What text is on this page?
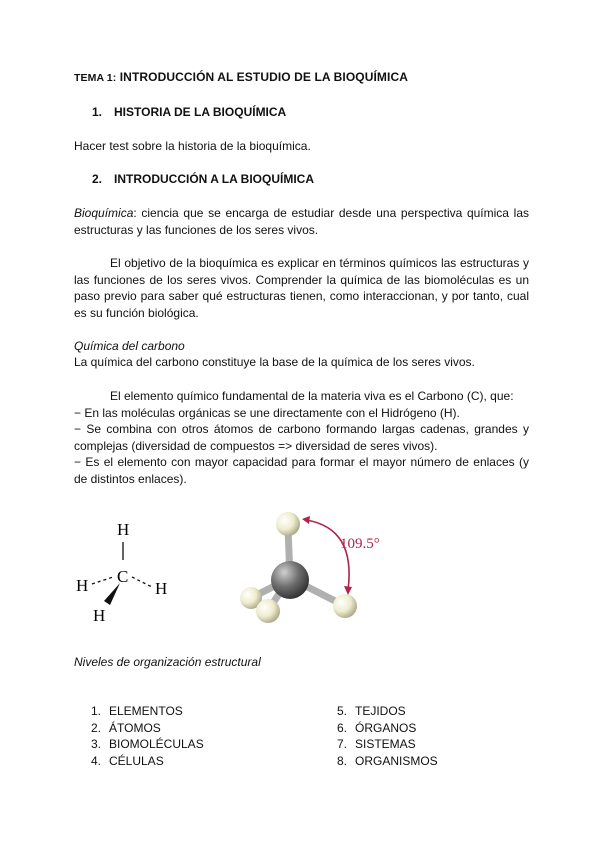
TEMA 1: INTRODUCCIÓN AL ESTUDIO DE LA BIOQUÍMICA
1. HISTORIA DE LA BIOQUÍMICA
Hacer test sobre la historia de la bioquímica.
2. INTRODUCCIÓN A LA BIOQUÍMICA

Bioquímica: ciencia que se encarga de estudiar desde una perspectiva química las estructuras y las funciones de los seres vivos.

El objetivo de la bioquímica es explicar en términos químicos las estructuras y las funciones de los seres vivos. Comprender la química de las biomoléculas es un paso previo para saber qué estructuras tienen, como interaccionan, y por tanto, cual es su función biológica.

Química del carbono

La química del carbono constituye la base de la química de los seres vivos.

El elemento químico fundamental de la materia viva es el Carbono (C), que:

− En las moléculas orgánicas se une directamente con el Hidrógeno (H).

− Se combina con otros átomos de carbono formando largas cadenas, grandes y complejas (diversidad de compuestos => diversidad de seres vivos).

− Es el elemento con mayor capacidad para formar el mayor número de enlaces (y de distintos enlaces).

H
C
H	H
H
109.5°
Niveles de organización estructural
1. ELEMENTOS
2. ÁTOMOS
3. BIOMOLÉCULAS
4. CÉLULAS
5. TEJIDOS
6. ÓRGANOS
7. SISTEMAS
8. ORGANISMOS
